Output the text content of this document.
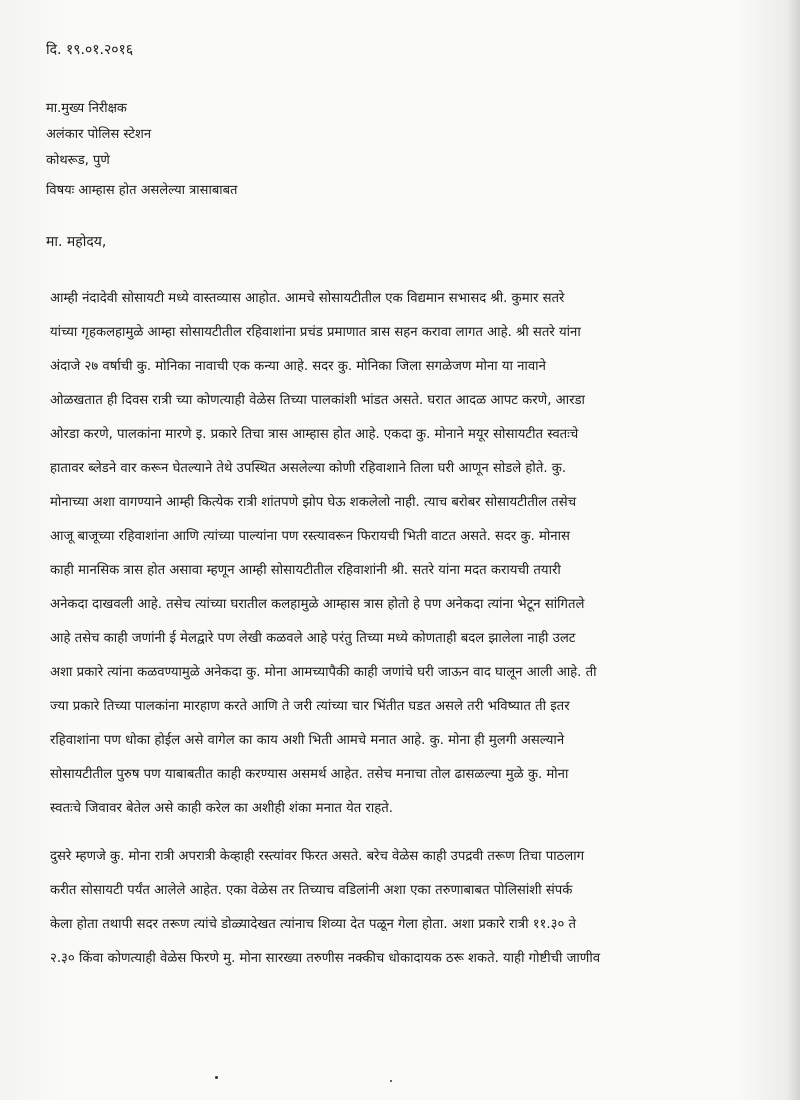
दि. १९.०१.२०१६
मा.मुख्य निरीक्षक
अलंकार पोलिस स्टेशन
कोथरूड, पुणे
विषयः आम्हास होत असलेल्या त्रासाबाबत
मा. महोदय,
आम्ही नंदादेवी सोसायटी मध्ये वास्तव्यास आहोत. आमचे सोसायटीतील एक विद्यमान सभासद श्री. कुमार सतरे
यांच्या गृहकलहामुळे आम्हा सोसायटीतील रहिवाशांना प्रचंड प्रमाणात त्रास सहन करावा लागत आहे. श्री सतरे यांना
अंदाजे २७ वर्षाची कु. मोनिका नावाची एक कन्या आहे. सदर कु. मोनिका जिला सगळेजण मोना या नावाने
ओळखतात ही दिवस रात्री च्या कोणत्याही वेळेस तिच्या पालकांशी भांडत असते. घरात आदळ आपट करणे, आरडा
ओरडा करणे, पालकांना मारणे इ. प्रकारे तिचा त्रास आम्हास होत आहे. एकदा कु. मोनाने मयूर सोसायटीत स्वतःचे
हातावर ब्लेडने वार करून घेतल्याने तेथे उपस्थित असलेल्या कोणी रहिवाशाने तिला घरी आणून सोडले होते. कु.
मोनाच्या अशा वागण्याने आम्ही कित्येक रात्री शांतपणे झोप घेऊ शकलेलो नाही. त्याच बरोबर सोसायटीतील तसेच
आजू बाजूच्या रहिवाशांना आणि त्यांच्या पाल्यांना पण रस्त्यावरून फिरायची भिती वाटत असते. सदर कु. मोनास
काही मानसिक त्रास होत असावा म्हणून आम्ही सोसायटीतील रहिवाशांनी श्री. सतरे यांना मदत करायची तयारी
अनेकदा दाखवली आहे. तसेच त्यांच्या घरातील कलहामुळे आम्हास त्रास होतो हे पण अनेकदा त्यांना भेटून सांगितले
आहे तसेच काही जणांनी ई मेलद्वारे पण लेखी कळवले आहे परंतु तिच्या मध्ये कोणताही बदल झालेला नाही उलट
अशा प्रकारे त्यांना कळवण्यामुळे अनेकदा कु. मोना आमच्यापैकी काही जणांचे घरी जाऊन वाद घालून आली आहे. ती
ज्या प्रकारे तिच्या पालकांना मारहाण करते आणि ते जरी त्यांच्या चार भिंतीत घडत असले तरी भविष्यात ती इतर
रहिवाशांना पण धोका होईल असे वागेल का काय अशी भिती आमचे मनात आहे. कु. मोना ही मुलगी असल्याने
सोसायटीतील पुरुष पण याबाबतीत काही करण्यास असमर्थ आहेत. तसेच मनाचा तोल ढासळल्या मुळे कु. मोना
स्वतःचे जिवावर बेतेल असे काही करेल का अशीही शंका मनात येत राहते.
दुसरे म्हणजे कु. मोना रात्री अपरात्री केव्हाही रस्त्यांवर फिरत असते. बरेच वेळेस काही उपद्रवी तरूण तिचा पाठलाग
करीत सोसायटी पर्यंत आलेले आहेत. एका वेळेस तर तिच्याच वडिलांनी अशा एका तरुणाबाबत पोलिसांशी संपर्क
केला होता तथापी सदर तरूण त्यांचे डोळ्यादेखत त्यांनाच शिव्या देत पळून गेला होता. अशा प्रकारे रात्री ११.३० ते
२.३० किंवा कोणत्याही वेळेस फिरणे मु. मोना सारख्या तरुणीस नक्कीच धोकादायक ठरू शकते. याही गोष्टीची जाणीव
